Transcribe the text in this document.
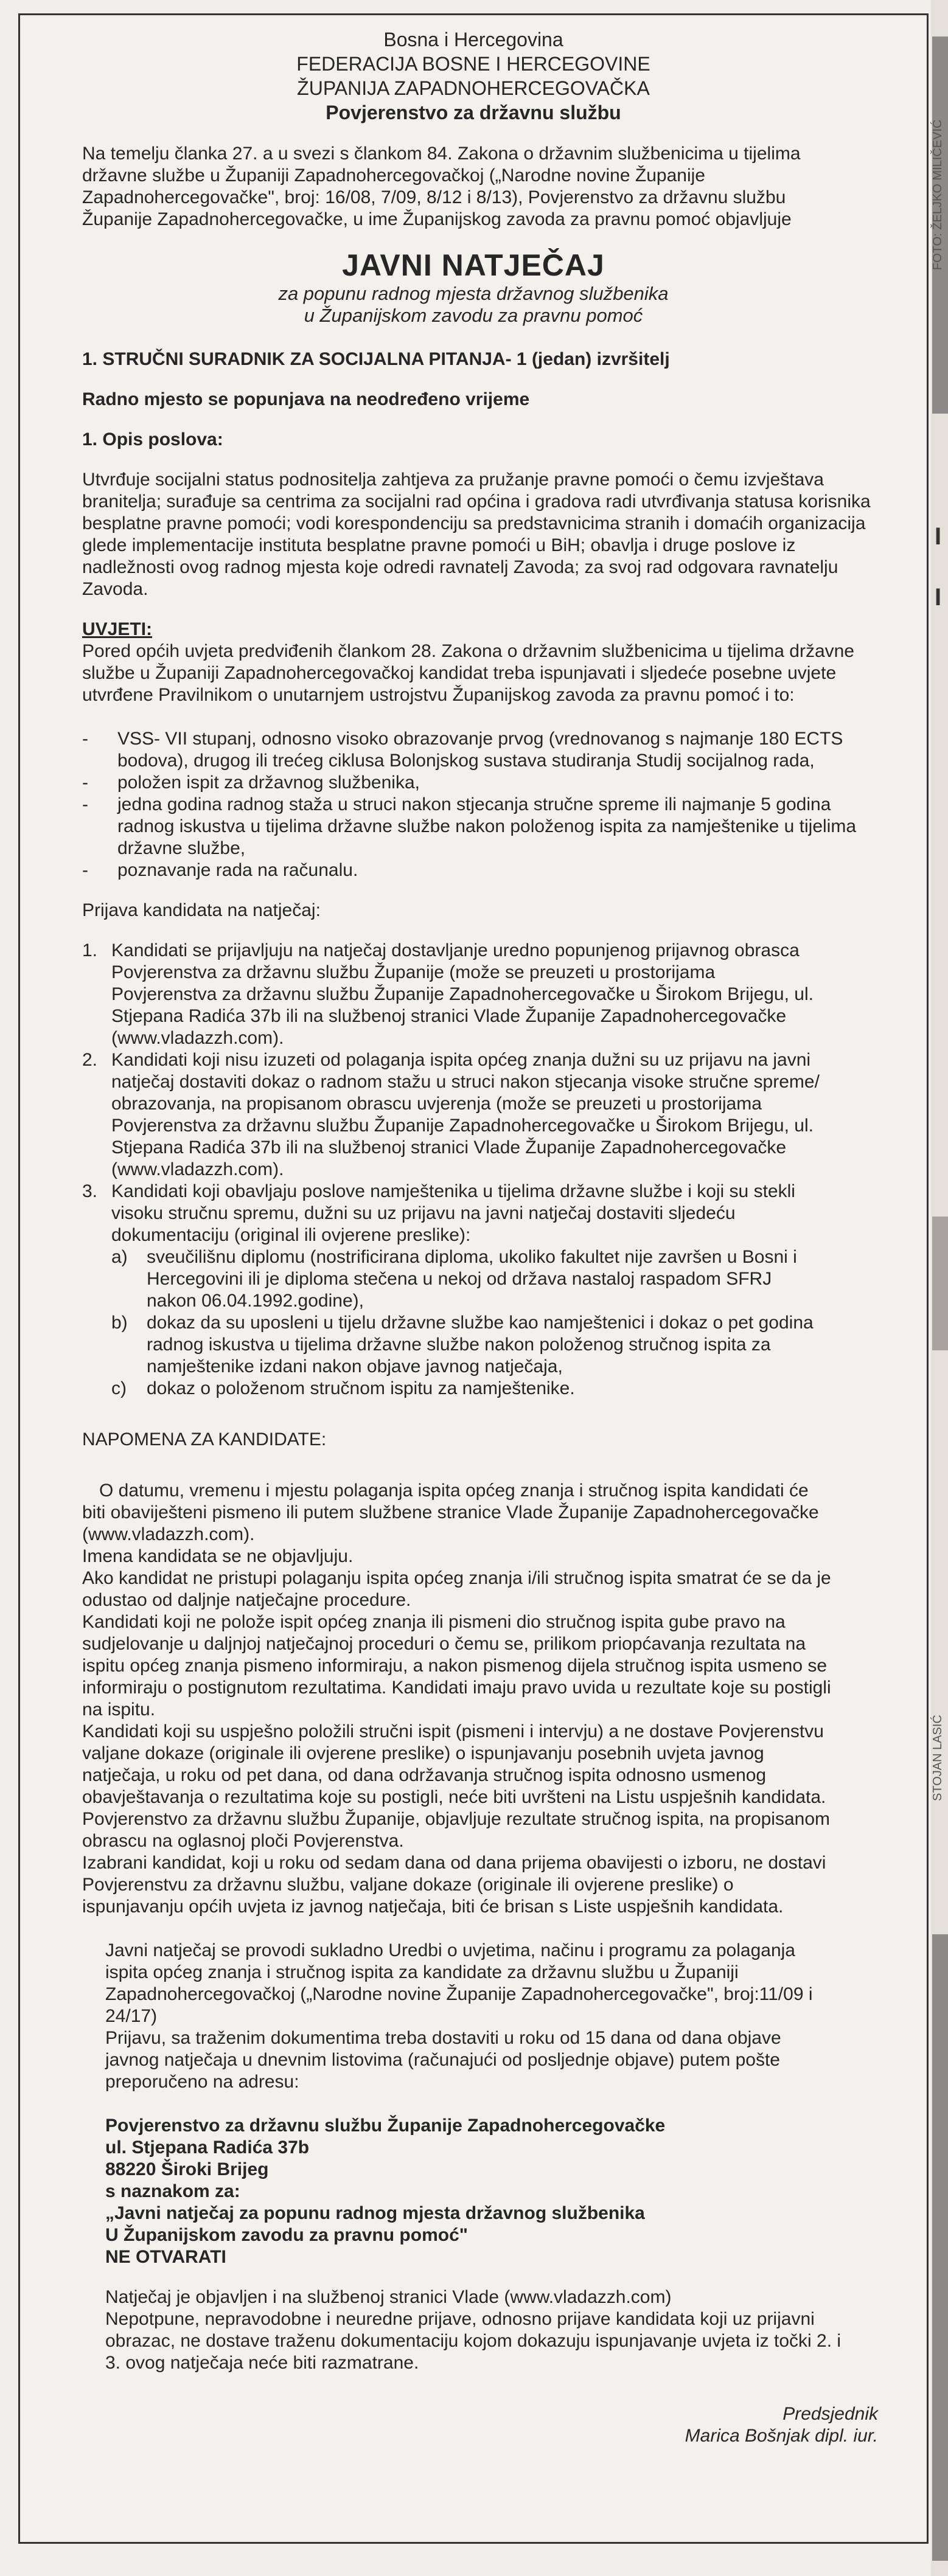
Bosna i Hercegovina
FEDERACIJA BOSNE I HERCEGOVINE
ŽUPANIJA ZAPADNOHERCEGOVAČKA
Povjerenstvo za državnu službu

Na temelju članka 27. a u svezi s člankom 84. Zakona o državnim službenicima u tijelima državne službe u Županiji Zapadnohercegovačkoj („Narodne novine Županije Zapadnohercegovačke", broj: 16/08, 7/09, 8/12 i 8/13), Povjerenstvo za državnu službu Županije Zapadnohercegovačke, u ime Županijskog zavoda za pravnu pomoć objavljuje

JAVNI NATJEČAJ
za popunu radnog mjesta državnog službenika
u Županijskom zavodu za pravnu pomoć

1. STRUČNI SURADNIK ZA SOCIJALNA PITANJA- 1 (jedan) izvršitelj

Radno mjesto se popunjava na neodređeno vrijeme

1. Opis poslova:

Utvrđuje socijalni status podnositelja zahtjeva za pružanje pravne pomoći o čemu izvještava branitelja; surađuje sa centrima za socijalni rad općina i gradova radi utvrđivanja statusa korisnika besplatne pravne pomoći; vodi korespondenciju sa predstavnicima stranih i domaćih organizacija glede implementacije instituta besplatne pravne pomoći u BiH; obavlja i druge poslove iz nadležnosti ovog radnog mjesta koje odredi ravnatelj Zavoda; za svoj rad odgovara ravnatelju Zavoda.

UVJETI:

Pored općih uvjeta predviđenih člankom 28. Zakona o državnim službenicima u tijelima državne službe u Županiji Zapadnohercegovačkoj kandidat treba ispunjavati i sljedeće posebne uvjete utvrđene Pravilnikom o unutarnjem ustrojstvu Županijskog zavoda za pravnu pomoć i to:

- VSS- VII stupanj, odnosno visoko obrazovanje prvog (vrednovanog s najmanje 180 ECTS bodova), drugog ili trećeg ciklusa Bolonjskog sustava studiranja Studij socijalnog rada,
- položen ispit za državnog službenika,
- jedna godina radnog staža u struci nakon stjecanja stručne spreme ili najmanje 5 godina radnog iskustva u tijelima državne službe nakon položenog ispita za namještenike u tijelima državne službe,
- poznavanje rada na računalu.

Prijava kandidata na natječaj:

1. Kandidati se prijavljuju na natječaj dostavljanje uredno popunjenog prijavnog obrasca Povjerenstva za državnu službu Županije (može se preuzeti u prostorijama Povjerenstva za državnu službu Županije Zapadnohercegovačke u Širokom Brijegu, ul. Stjepana Radića 37b ili na službenoj stranici Vlade Županije Zapadnohercegovačke (www.vladazzh.com).
2. Kandidati koji nisu izuzeti od polaganja ispita općeg znanja dužni su uz prijavu na javni natječaj dostaviti dokaz o radnom stažu u struci nakon stjecanja visoke stručne spreme/ obrazovanja, na propisanom obrascu uvjerenja (može se preuzeti u prostorijama Povjerenstva za državnu službu Županije Zapadnohercegovačke u Širokom Brijegu, ul. Stjepana Radića 37b ili na službenoj stranici Vlade Županije Zapadnohercegovačke (www.vladazzh.com).
3. Kandidati koji obavljaju poslove namještenika u tijelima državne službe i koji su stekli visoku stručnu spremu, dužni su uz prijavu na javni natječaj dostaviti sljedeću dokumentaciju (original ili ovjerene preslike):
a) sveučilišnu diplomu (nostrificirana diploma, ukoliko fakultet nije završen u Bosni i Hercegovini ili je diploma stečena u nekoj od država nastaloj raspadom SFRJ nakon 06.04.1992.godine),
b) dokaz da su uposleni u tijelu državne službe kao namještenici i dokaz o pet godina radnog iskustva u tijelima državne službe nakon položenog stručnog ispita za namještenike izdani nakon objave javnog natječaja,
c) dokaz o položenom stručnom ispitu za namještenike.

NAPOMENA ZA KANDIDATE:

O datumu, vremenu i mjestu polaganja ispita općeg znanja i stručnog ispita kandidati će biti obaviješteni pismeno ili putem službene stranice Vlade Županije Zapadnohercegovačke (www.vladazzh.com).

Imena kandidata se ne objavljuju.

Ako kandidat ne pristupi polaganju ispita općeg znanja i/ili stručnog ispita smatrat će se da je odustao od daljnje natječajne procedure.

Kandidati koji ne polože ispit općeg znanja ili pismeni dio stručnog ispita gube pravo na sudjelovanje u daljnjoj natječajnoj proceduri o čemu se, prilikom priopćavanja rezultata na ispitu općeg znanja pismeno informiraju, a nakon pismenog dijela stručnog ispita usmeno se informiraju o postignutom rezultatima. Kandidati imaju pravo uvida u rezultate koje su postigli na ispitu.

Kandidati koji su uspješno položili stručni ispit (pismeni i intervju) a ne dostave Povjerenstvu valjane dokaze (originale ili ovjerene preslike) o ispunjavanju posebnih uvjeta javnog natječaja, u roku od pet dana, od dana održavanja stručnog ispita odnosno usmenog obavještavanja o rezultatima koje su postigli, neće biti uvršteni na Listu uspješnih kandidata.

Povjerenstvo za državnu službu Županije, objavljuje rezultate stručnog ispita, na propisanom obrascu na oglasnoj ploči Povjerenstva.

Izabrani kandidat, koji u roku od sedam dana od dana prijema obavijesti o izboru, ne dostavi Povjerenstvu za državnu službu, valjane dokaze (originale ili ovjerene preslike) o ispunjavanju općih uvjeta iz javnog natječaja, biti će brisan s Liste uspješnih kandidata.

Javni natječaj se provodi sukladno Uredbi o uvjetima, načinu i programu za polaganja ispita općeg znanja i stručnog ispita za kandidate za državnu službu u Županiji Zapadnohercegovačkoj („Narodne novine Županije Zapadnohercegovačke", broj:11/09 i 24/17)

Prijavu, sa traženim dokumentima treba dostaviti u roku od 15 dana od dana objave javnog natječaja u dnevnim listovima (računajući od posljednje objave) putem pošte preporučeno na adresu:

Povjerenstvo za državnu službu Županije Zapadnohercegovačke
ul. Stjepana Radića 37b
88220 Široki Brijeg
s naznakom za:
„Javni natječaj za popunu radnog mjesta državnog službenika
U Županijskom zavodu za pravnu pomoć"
NE OTVARATI

Natječaj je objavljen i na službenoj stranici Vlade (www.vladazzh.com)

Nepotpune, nepravodobne i neuredne prijave, odnosno prijave kandidata koji uz prijavni obrazac, ne dostave traženu dokumentaciju kojom dokazuju ispunjavanje uvjeta iz točki 2. i 3. ovog natječaja neće biti razmatrane.

Predsjednik
Marica Bošnjak dipl. iur.
I
I
FOTO: ŽELJKO MILIČEVIĆ
STOJAN LASIĆ
